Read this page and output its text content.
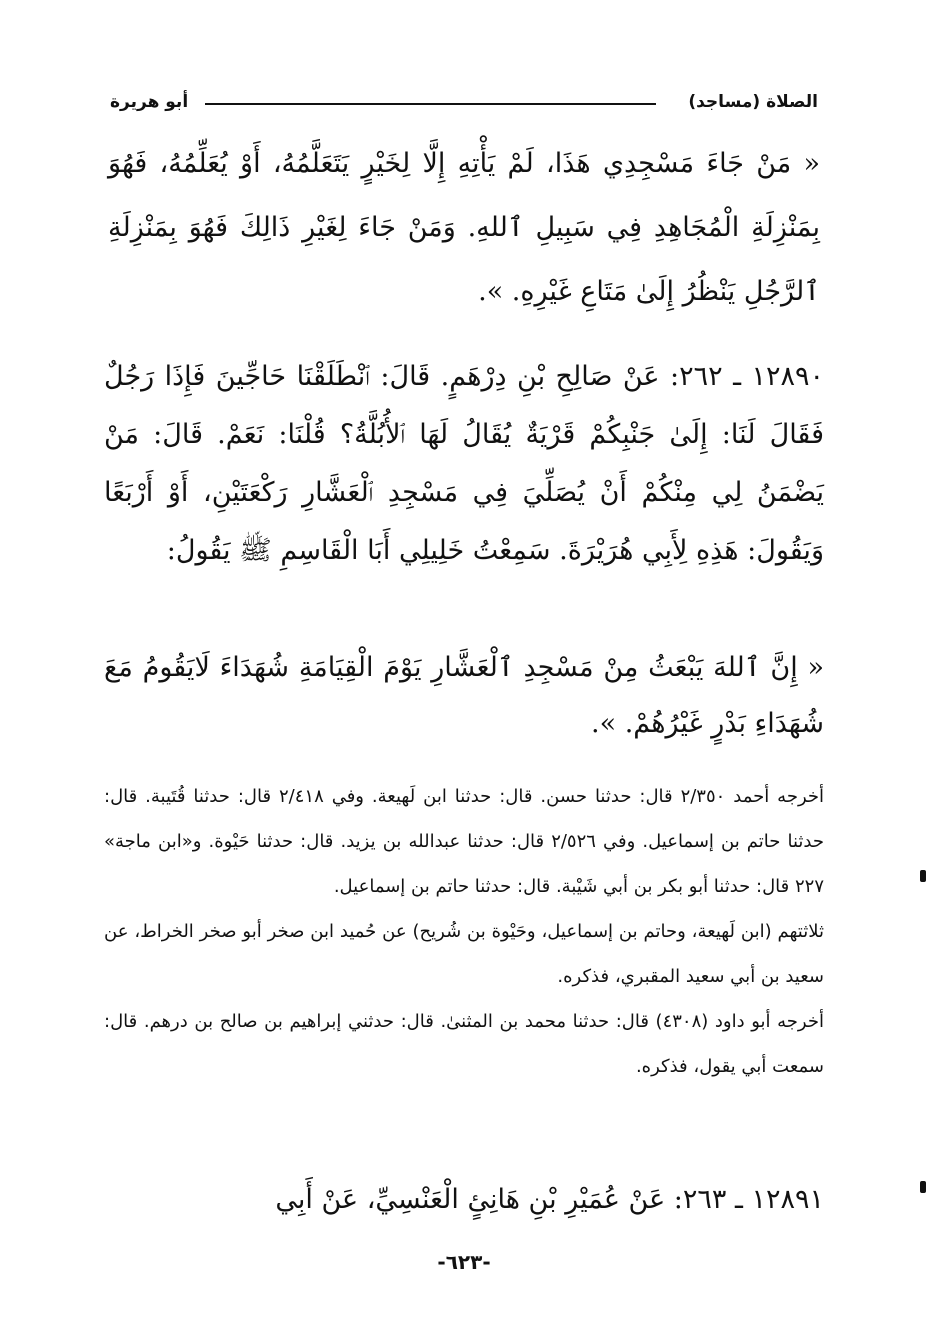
الصلاة (مساجد)
أبو هريرة
« مَنْ جَاءَ مَسْجِدِي هَذَا، لَمْ يَأْتِهِ إِلَّا لِخَيْرٍ يَتَعَلَّمُهُ، أَوْ يُعَلِّمُهُ، فَهُوَ بِمَنْزِلَةِ الْمُجَاهِدِ فِي سَبِيلِ ٱللهِ. وَمَنْ جَاءَ لِغَيْرِ ذَالِكَ فَهُوَ بِمَنْزِلَةِ ٱلرَّجُلِ يَنْظُرُ إِلَىٰ مَتَاعِ غَيْرِهِ. ».
١٢٨٩٠ ـ ٢٦٢: عَنْ صَالِحِ بْنِ دِرْهَمٍ. قَالَ: ٱنْطَلَقْنَا حَاجِّينَ فَإِذَا رَجُلٌ فَقَالَ لَنَا: إِلَىٰ جَنْبِكُمْ قَرْيَةٌ يُقَالُ لَهَا ٱلأُبُلَّةُ؟ قُلْنَا: نَعَمْ. قَالَ: مَنْ يَضْمَنُ لِي مِنْكُمْ أَنْ يُصَلِّيَ فِي مَسْجِدِ ٱلْعَشَّارِ رَكْعَتَيْنِ، أَوْ أَرْبَعًا وَيَقُولَ: هَذِهِ لِأَبِي هُرَيْرَةَ. سَمِعْتُ خَلِيلِي أَبَا الْقَاسِمِ ﷺ يَقُولُ:
« إِنَّ ٱللهَ يَبْعَثُ مِنْ مَسْجِدِ ٱلْعَشَّارِ يَوْمَ الْقِيَامَةِ شُهَدَاءَ لَايَقُومُ مَعَ شُهَدَاءِ بَدْرٍ غَيْرُهُمْ. ».

أخرجه أحمد ٢/٣٥٠ قال: حدثنا حسن. قال: حدثنا ابن لَهيعة. وفي ٢/٤١٨ قال: حدثنا قُتَيبة. قال: حدثنا حاتم بن إسماعيل. وفي ٢/٥٢٦ قال: حدثنا عبدالله بن يزيد. قال: حدثنا حَيْوة. و«ابن ماجة» ٢٢٧ قال: حدثنا أبو بكر بن أبي شَيْبة. قال: حدثنا حاتم بن إسماعيل.

ثلاثتهم (ابن لَهيعة، وحاتم بن إسماعيل، وحَيْوة بن شُريح) عن حُميد ابن صخر أبو صخر الخراط، عن سعيد بن أبي سعيد المقبري، فذكره.

أخرجه أبو داود (٤٣٠٨) قال: حدثنا محمد بن المثنىٰ. قال: حدثني إبراهيم بن صالح بن درهم. قال: سمعت أبي يقول، فذكره.

١٢٨٩١ ـ ٢٦٣: عَنْ عُمَيْرِ بْنِ هَانِئٍ الْعَنْسِيِّ، عَنْ أَبِي
-٦٢٣-
